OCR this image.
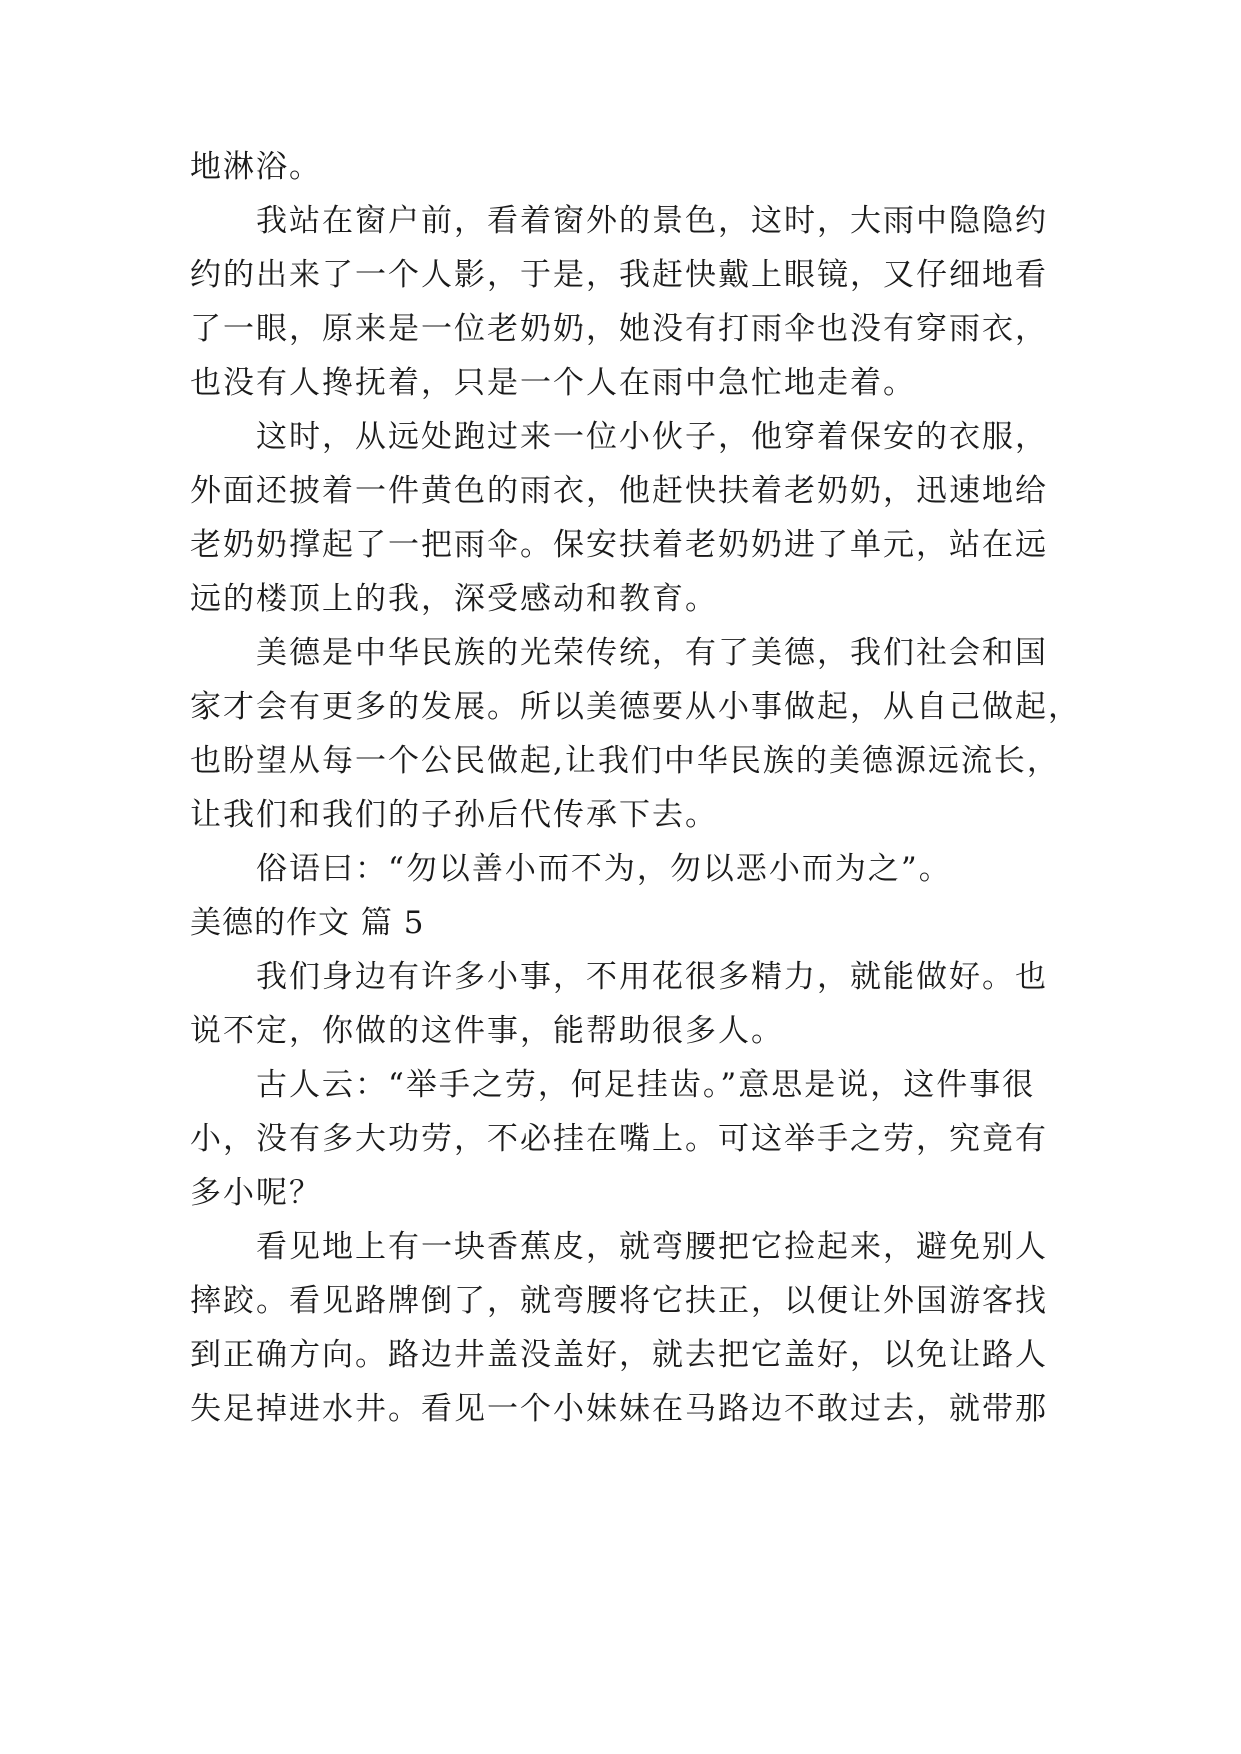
地淋浴。
我站在窗户前，看着窗外的景色，这时，大雨中隐隐约
约的出来了一个人影，于是，我赶快戴上眼镜，又仔细地看
了一眼，原来是一位老奶奶，她没有打雨伞也没有穿雨衣，
也没有人搀抚着，只是一个人在雨中急忙地走着。
这时，从远处跑过来一位小伙子，他穿着保安的衣服，
外面还披着一件黄色的雨衣，他赶快扶着老奶奶，迅速地给
老奶奶撑起了一把雨伞。保安扶着老奶奶进了单元，站在远
远的楼顶上的我，深受感动和教育。
美德是中华民族的光荣传统，有了美德，我们社会和国
家才会有更多的发展。所以美德要从小事做起，从自己做起，
也盼望从每一个公民做起,让我们中华民族的美德源远流长，
让我们和我们的子孙后代传承下去。
俗语曰：“勿以善小而不为，勿以恶小而为之”。
美德的作文 篇 5
我们身边有许多小事，不用花很多精力，就能做好。也
说不定，你做的这件事，能帮助很多人。
古人云：“举手之劳，何足挂齿。”意思是说，这件事很
小，没有多大功劳，不必挂在嘴上。可这举手之劳，究竟有
多小呢？
看见地上有一块香蕉皮，就弯腰把它捡起来，避免别人
摔跤。看见路牌倒了，就弯腰将它扶正，以便让外国游客找
到正确方向。路边井盖没盖好，就去把它盖好，以免让路人
失足掉进水井。看见一个小妹妹在马路边不敢过去，就带那
